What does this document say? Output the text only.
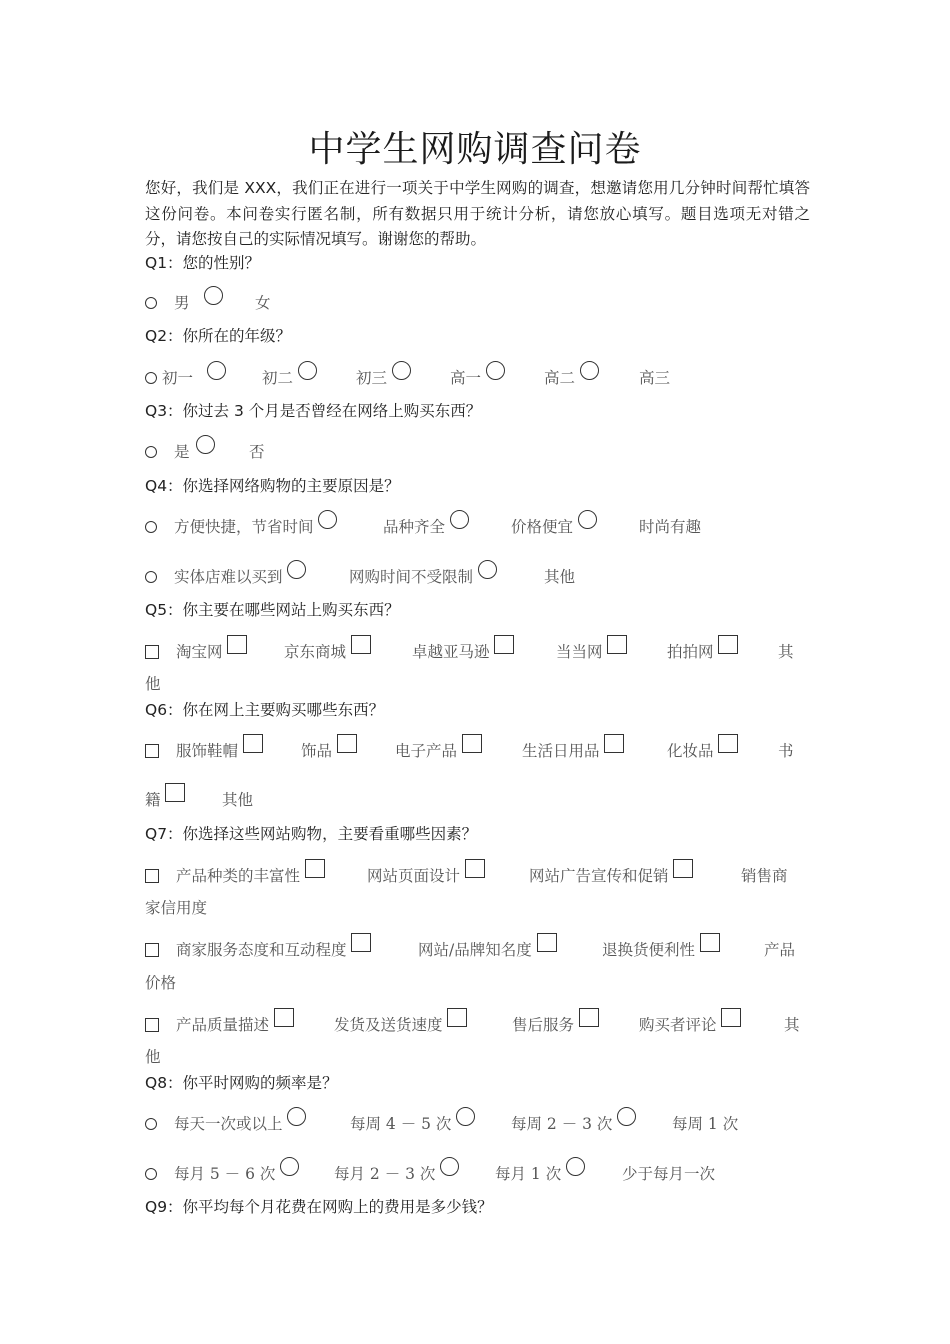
中学生网购调查问卷
您好，我们是 XXX，我们正在进行一项关于中学生网购的调查，想邀请您用几分钟时间帮忙填答这份问卷。本问卷实行匿名制，所有数据只用于统计分析，请您放心填写。题目选项无对错之分，请您按自己的实际情况填写。谢谢您的帮助。
Q1：您的性别？
男	女
Q2：你所在的年级？
初一	初二	初三	高一	高二	高三
Q3：你过去 3 个月是否曾经在网络上购买东西？
是	否
Q4：你选择网络购物的主要原因是？
方便快捷，节省时间	品种齐全	价格便宜	时尚有趣
实体店难以买到	网购时间不受限制	其他
Q5：你主要在哪些网站上购买东西？
淘宝网	京东商城	卓越亚马逊	当当网	拍拍网	其
他
Q6：你在网上主要购买哪些东西？
服饰鞋帽	饰品	电子产品	生活日用品	化妆品	书
籍	其他
Q7：你选择这些网站购物，主要看重哪些因素？
产品种类的丰富性	网站页面设计	网站广告宣传和促销	销售商
家信用度
商家服务态度和互动程度	网站/品牌知名度	退换货便利性	产品
价格
产品质量描述	发货及送货速度	售后服务	购买者评论	其
他
Q8：你平时网购的频率是？
每天一次或以上	每周 4 － 5 次	每周 2 － 3 次	每周 1 次
每月 5 － 6 次	每月 2 － 3 次	每月 1 次	少于每月一次
Q9：你平均每个月花费在网购上的费用是多少钱？
